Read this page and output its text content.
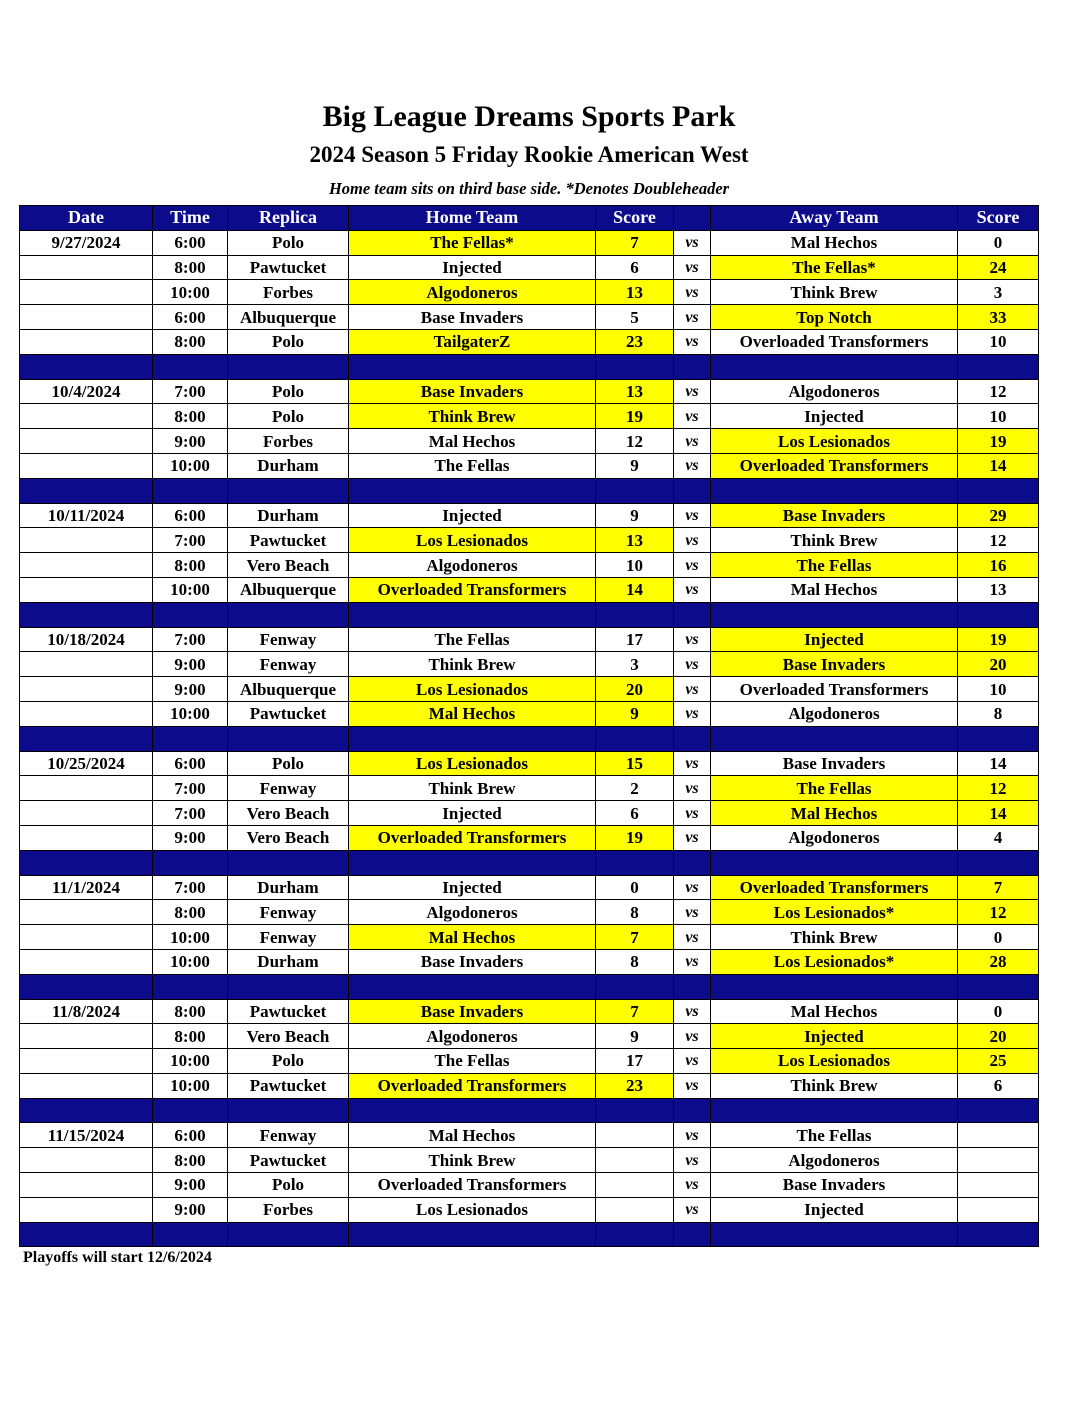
Big League Dreams Sports Park
2024 Season 5 Friday Rookie American West

Home team sits on third base side. *Denotes Doubleheader

Date	Time	Replica	Home Team	Score		Away Team	Score
9/27/2024	6:00	Polo	The Fellas*	7	vs	Mal Hechos	0
	8:00	Pawtucket	Injected	6	vs	The Fellas*	24
	10:00	Forbes	Algodoneros	13	vs	Think Brew	3
	6:00	Albuquerque	Base Invaders	5	vs	Top Notch	33
	8:00	Polo	TailgaterZ	23	vs	Overloaded Transformers	10

10/4/2024	7:00	Polo	Base Invaders	13	vs	Algodoneros	12
	8:00	Polo	Think Brew	19	vs	Injected	10
	9:00	Forbes	Mal Hechos	12	vs	Los Lesionados	19
	10:00	Durham	The Fellas	9	vs	Overloaded Transformers	14

10/11/2024	6:00	Durham	Injected	9	vs	Base Invaders	29
	7:00	Pawtucket	Los Lesionados	13	vs	Think Brew	12
	8:00	Vero Beach	Algodoneros	10	vs	The Fellas	16
	10:00	Albuquerque	Overloaded Transformers	14	vs	Mal Hechos	13

10/18/2024	7:00	Fenway	The Fellas	17	vs	Injected	19
	9:00	Fenway	Think Brew	3	vs	Base Invaders	20
	9:00	Albuquerque	Los Lesionados	20	vs	Overloaded Transformers	10
	10:00	Pawtucket	Mal Hechos	9	vs	Algodoneros	8

10/25/2024	6:00	Polo	Los Lesionados	15	vs	Base Invaders	14
	7:00	Fenway	Think Brew	2	vs	The Fellas	12
	7:00	Vero Beach	Injected	6	vs	Mal Hechos	14
	9:00	Vero Beach	Overloaded Transformers	19	vs	Algodoneros	4

11/1/2024	7:00	Durham	Injected	0	vs	Overloaded Transformers	7
	8:00	Fenway	Algodoneros	8	vs	Los Lesionados*	12
	10:00	Fenway	Mal Hechos	7	vs	Think Brew	0
	10:00	Durham	Base Invaders	8	vs	Los Lesionados*	28

11/8/2024	8:00	Pawtucket	Base Invaders	7	vs	Mal Hechos	0
	8:00	Vero Beach	Algodoneros	9	vs	Injected	20
	10:00	Polo	The Fellas	17	vs	Los Lesionados	25
	10:00	Pawtucket	Overloaded Transformers	23	vs	Think Brew	6

11/15/2024	6:00	Fenway	Mal Hechos		vs	The Fellas	
	8:00	Pawtucket	Think Brew		vs	Algodoneros	
	9:00	Polo	Overloaded Transformers		vs	Base Invaders	
	9:00	Forbes	Los Lesionados		vs	Injected	

Playoffs will start 12/6/2024
